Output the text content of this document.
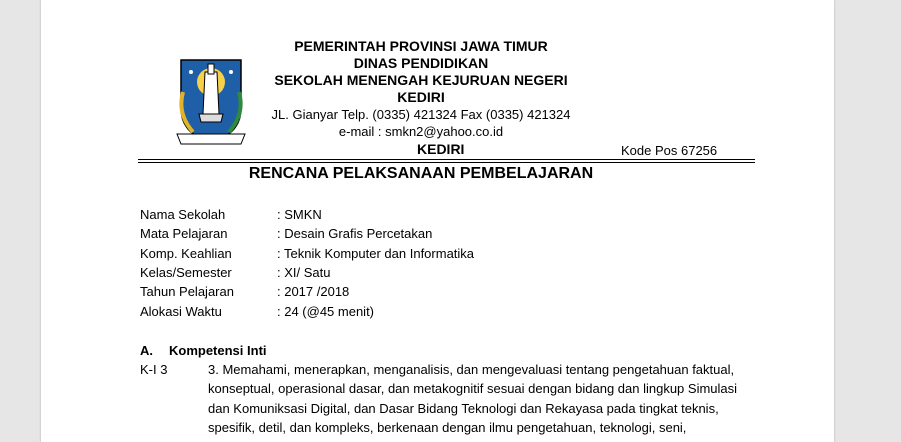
PEMERINTAH PROVINSI JAWA TIMUR
DINAS PENDIDIKAN
SEKOLAH MENENGAH KEJURUAN NEGERI
KEDIRI
JL. Gianyar Telp. (0335) 421324 Fax (0335) 421324
e-mail : smkn2@yahoo.co.id
KEDIRI	Kode Pos 67256
RENCANA PELAKSANAAN PEMBELAJARAN
Nama Sekolah	: SMKN
Mata Pelajaran	: Desain Grafis Percetakan
Komp. Keahlian	: Teknik Komputer dan Informatika
Kelas/Semester	: XI/ Satu
Tahun Pelajaran	: 2017 /2018
Alokasi Waktu	: 24 (@45 menit)
A. Kompetensi Inti
K-I 3	3. Memahami, menerapkan, menganalisis, dan mengevaluasi tentang pengetahuan faktual,
konseptual, operasional dasar, dan metakognitif sesuai dengan bidang dan lingkup Simulasi
dan Komuniksasi Digital, dan Dasar Bidang Teknologi dan Rekayasa pada tingkat teknis,
spesifik, detil, dan kompleks, berkenaan dengan ilmu pengetahuan, teknologi, seni,
